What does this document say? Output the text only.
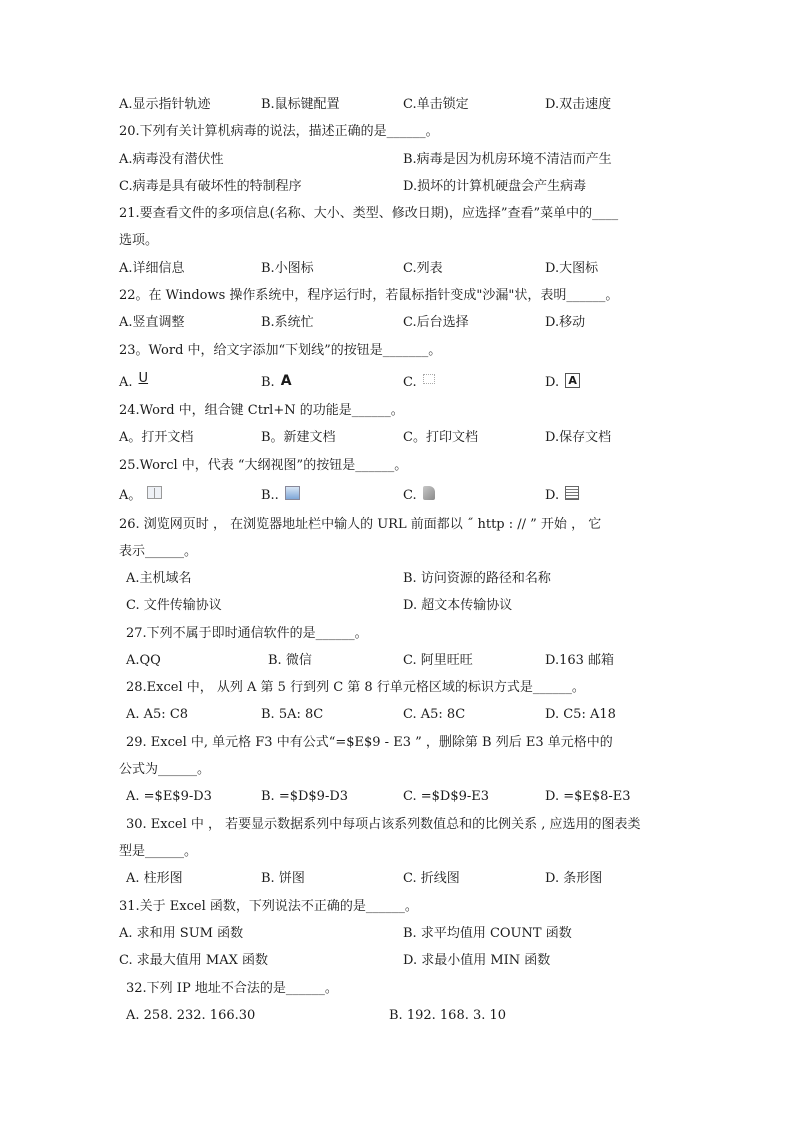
A.显示指针轨迹	B.鼠标键配置	C.单击锁定	D.双击速度
20.下列有关计算机病毒的说法，描述正确的是______。
A.病毒没有潜伏性	B.病毒是因为机房环境不清洁而产生
C.病毒是具有破坏性的特制程序	D.损坏的计算机硬盘会产生病毒
21.要查看文件的多项信息(名称、大小、类型、修改日期)，应选择”查看”菜单中的____
选项。
A.详细信息	B.小图标	C.列表	D.大图标
22。在 Windows 操作系统中，程序运行时，若鼠标指针变成"沙漏"状，表明______。
A.竖直调整	B.系统忙	C.后台选择	D.移动
23。Word 中，给文字添加“下划线”的按钮是_______。
A. U	B. A	C.	D. A
24.Word 中，组合键 Ctrl+N 的功能是______。
A。打开文档	B。新建文档	C。打印文档	D.保存文档
25.Worcl 中，代表 “大纲视图”的按钮是______。
A。	B..	C.	D.
26. 浏览网页时 ， 在浏览器地址栏中输人的 URL 前面都以 ˝ http : // ” 开始 ， 它
表示______。
A.主机域名	B. 访问资源的路径和名称
C. 文件传输协议	D. 超文本传输协议
27.下列不属于即时通信软件的是______。
A.QQ	B. 微信	C. 阿里旺旺	D.163 邮箱
28.Excel 中， 从列 A 第 5 行到列 C 第 8 行单元格区域的标识方式是______。
A. A5: C8	B. 5A: 8C	C. A5: 8C	D. C5: A18
29. Excel 中, 单元格 F3 中有公式“=$E$9 - E3 ” ，删除第 B 列后 E3 单元格中的
公式为______。
A. =$E$9-D3	B. =$D$9-D3	C. =$D$9-E3	D. =$E$8-E3
30. Excel 中 ， 若要显示数据系列中每项占该系列数值总和的比例关系 , 应选用的图表类
型是______。
A. 柱形图	B. 饼图	C. 折线图	D. 条形图
31.关于 Excel 函数，下列说法不正确的是______。
A. 求和用 SUM 函数	B. 求平均值用 COUNT 函数
C. 求最大值用 MAX 函数	D. 求最小值用 MIN 函数
32.下列 IP 地址不合法的是______。
A. 258. 232. 166.30	B. 192. 168. 3. 10
